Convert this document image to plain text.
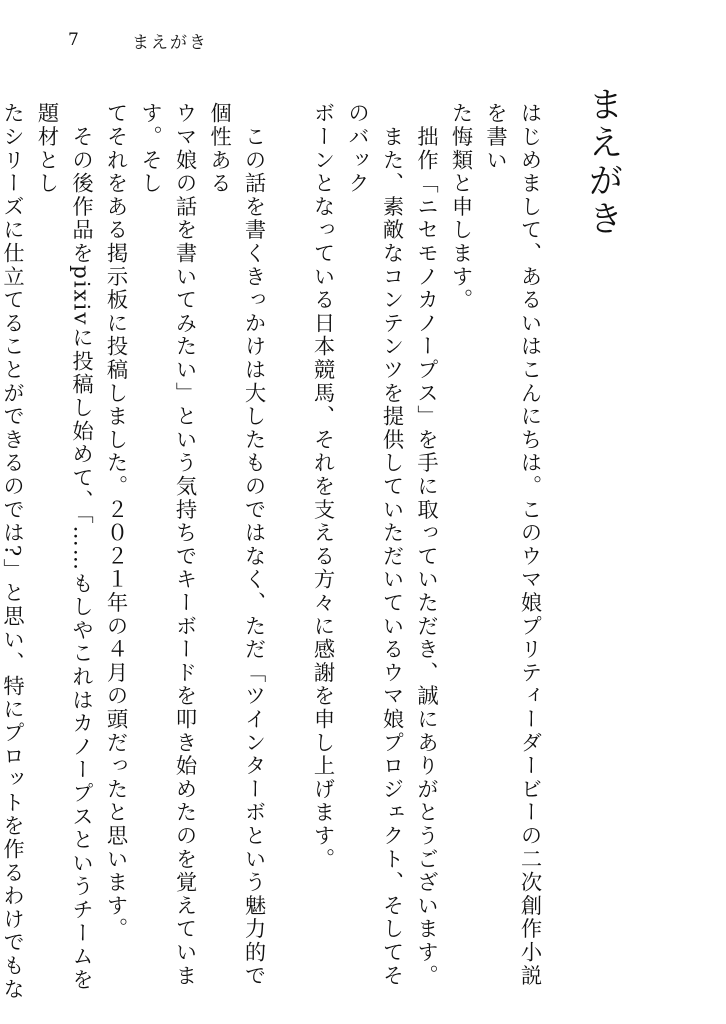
7	まえがき
まえがき

はじめまして、あるいはこんにちは。このウマ娘プリティーダービーの二次創作小説を書い
た悔類と申します。

　拙作「ニセモノカノープス」を手に取っていただき、誠にありがとうございます。

　また、素敵なコンテンツを提供していただいているウマ娘プロジェクト、そしてそのバック
ボーンとなっている日本競馬、それを支える方々に感謝を申し上げます。

　この話を書くきっかけは大したものではなく、ただ「ツインターボという魅力的で個性ある
ウマ娘の話を書いてみたい」という気持ちでキーボードを叩き始めたのを覚えています。そし
てそれをある掲示板に投稿しました。２０２１年の４月の頭だったと思います。

　その後作品をpixivに投稿し始めて、「……もしやこれはカノープスというチームを題材とし
たシリーズに仕立てることができるのでは?」と思い、特にプロットを作るわけでもな
